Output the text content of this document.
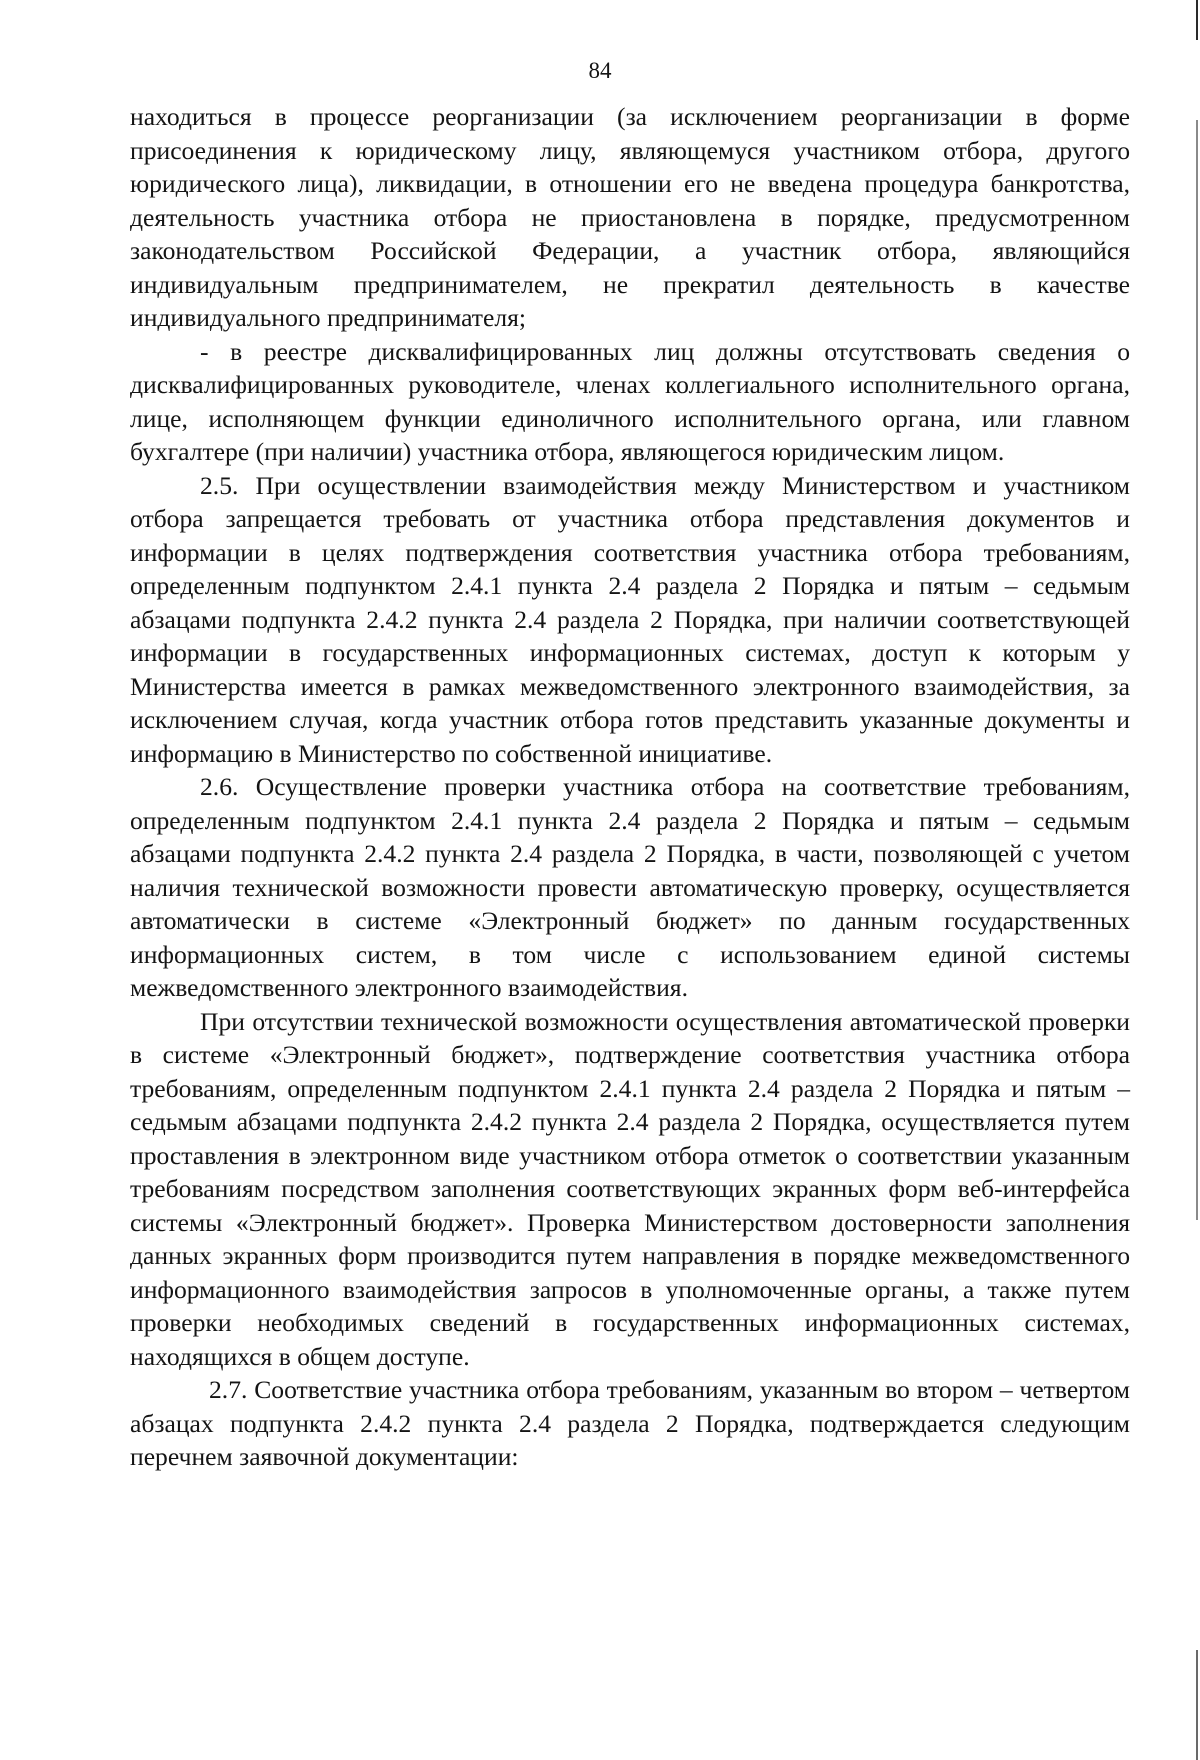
84

находиться в процессе реорганизации (за исключением реорганизации в форме присоединения к юридическому лицу, являющемуся участником отбора, другого юридического лица), ликвидации, в отношении его не введена процедура банкротства, деятельность участника отбора не приостановлена в порядке, предусмотренном законодательством Российской Федерации, а участник отбора, являющийся индивидуальным предпринимателем, не прекратил деятельность в качестве индивидуального предпринимателя;

- в реестре дисквалифицированных лиц должны отсутствовать сведения о дисквалифицированных руководителе, членах коллегиального исполнительного органа, лице, исполняющем функции единоличного исполнительного органа, или главном бухгалтере (при наличии) участника отбора, являющегося юридическим лицом.

2.5. При осуществлении взаимодействия между Министерством и участником отбора запрещается требовать от участника отбора представления документов и информации в целях подтверждения соответствия участника отбора требованиям, определенным подпунктом 2.4.1 пункта 2.4 раздела 2 Порядка и пятым – седьмым абзацами подпункта 2.4.2 пункта 2.4 раздела 2 Порядка, при наличии соответствующей информации в государственных информационных системах, доступ к которым у Министерства имеется в рамках межведомственного электронного взаимодействия, за исключением случая, когда участник отбора готов представить указанные документы и информацию в Министерство по собственной инициативе.

2.6. Осуществление проверки участника отбора на соответствие требованиям, определенным подпунктом 2.4.1 пункта 2.4 раздела 2 Порядка и пятым – седьмым абзацами подпункта 2.4.2 пункта 2.4 раздела 2 Порядка, в части, позволяющей с учетом наличия технической возможности провести автоматическую проверку, осуществляется автоматически в системе «Электронный бюджет» по данным государственных информационных систем, в том числе с использованием единой системы межведомственного электронного взаимодействия.

При отсутствии технической возможности осуществления автоматической проверки в системе «Электронный бюджет», подтверждение соответствия участника отбора требованиям, определенным подпунктом 2.4.1 пункта 2.4 раздела 2 Порядка и пятым – седьмым абзацами подпункта 2.4.2 пункта 2.4 раздела 2 Порядка, осуществляется путем проставления в электронном виде участником отбора отметок о соответствии указанным требованиям посредством заполнения соответствующих экранных форм веб-интерфейса системы «Электронный бюджет». Проверка Министерством достоверности заполнения данных экранных форм производится путем направления в порядке межведомственного информационного взаимодействия запросов в уполномоченные органы, а также путем проверки необходимых сведений в государственных информационных системах, находящихся в общем доступе.

2.7. Соответствие участника отбора требованиям, указанным во втором – четвертом абзацах подпункта 2.4.2 пункта 2.4 раздела 2 Порядка, подтверждается следующим перечнем заявочной документации:
